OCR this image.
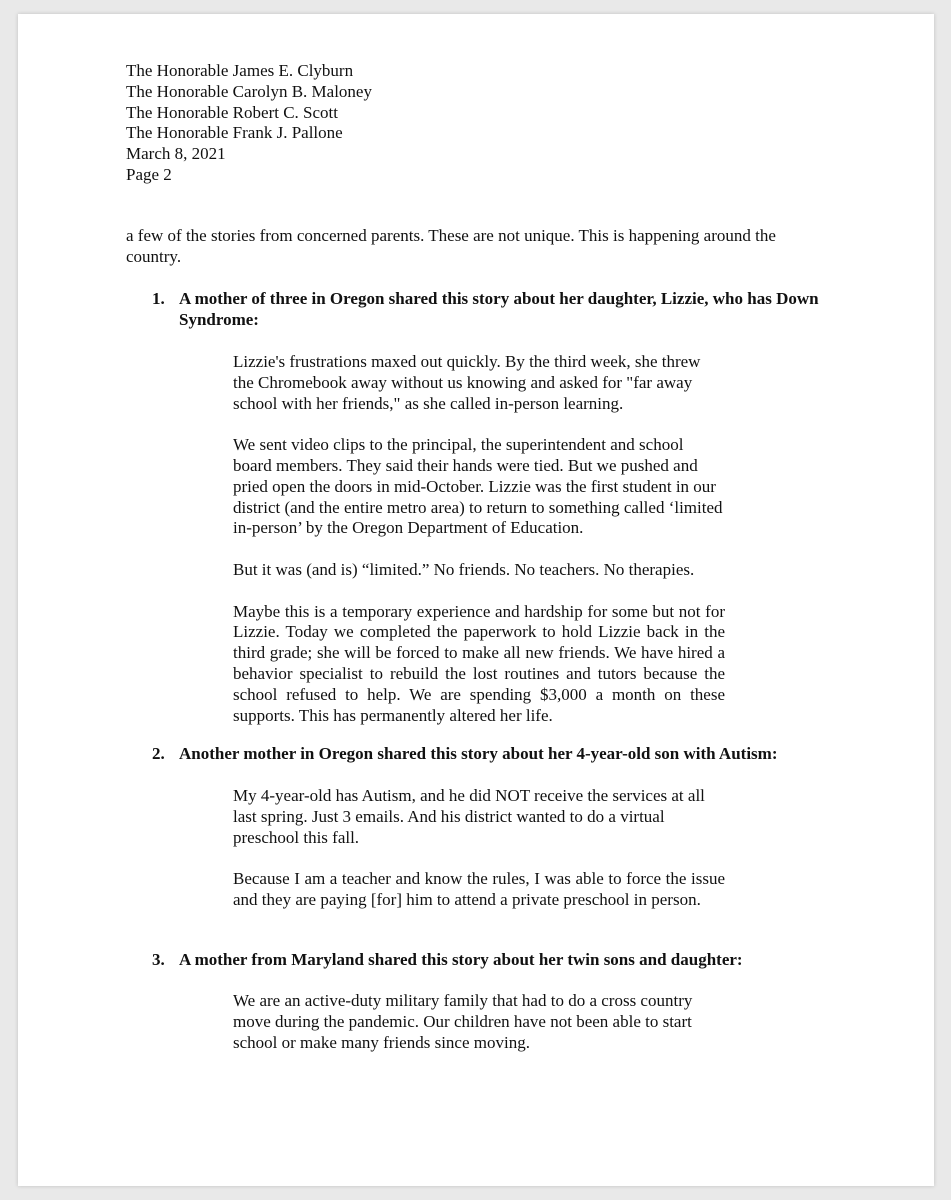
The Honorable James E. Clyburn
The Honorable Carolyn B. Maloney
The Honorable Robert C. Scott
The Honorable Frank J. Pallone
March 8, 2021
Page 2
a few of the stories from concerned parents. These are not unique. This is happening around the country.
1. A mother of three in Oregon shared this story about her daughter, Lizzie, who has Down Syndrome:

Lizzie's frustrations maxed out quickly. By the third week, she threw the Chromebook away without us knowing and asked for "far away school with her friends," as she called in-person learning.

We sent video clips to the principal, the superintendent and school board members. They said their hands were tied. But we pushed and pried open the doors in mid-October. Lizzie was the first student in our district (and the entire metro area) to return to something called ‘limited in-person’ by the Oregon Department of Education.

But it was (and is) “limited.” No friends. No teachers. No therapies.

Maybe this is a temporary experience and hardship for some but not for Lizzie. Today we completed the paperwork to hold Lizzie back in the third grade; she will be forced to make all new friends. We have hired a behavior specialist to rebuild the lost routines and tutors because the school refused to help. We are spending $3,000 a month on these supports. This has permanently altered her life.

2. Another mother in Oregon shared this story about her 4-year-old son with Autism:

My 4-year-old has Autism, and he did NOT receive the services at all last spring. Just 3 emails. And his district wanted to do a virtual preschool this fall.

Because I am a teacher and know the rules, I was able to force the issue and they are paying [for] him to attend a private preschool in person.

3. A mother from Maryland shared this story about her twin sons and daughter:

We are an active-duty military family that had to do a cross country move during the pandemic. Our children have not been able to start school or make many friends since moving.
